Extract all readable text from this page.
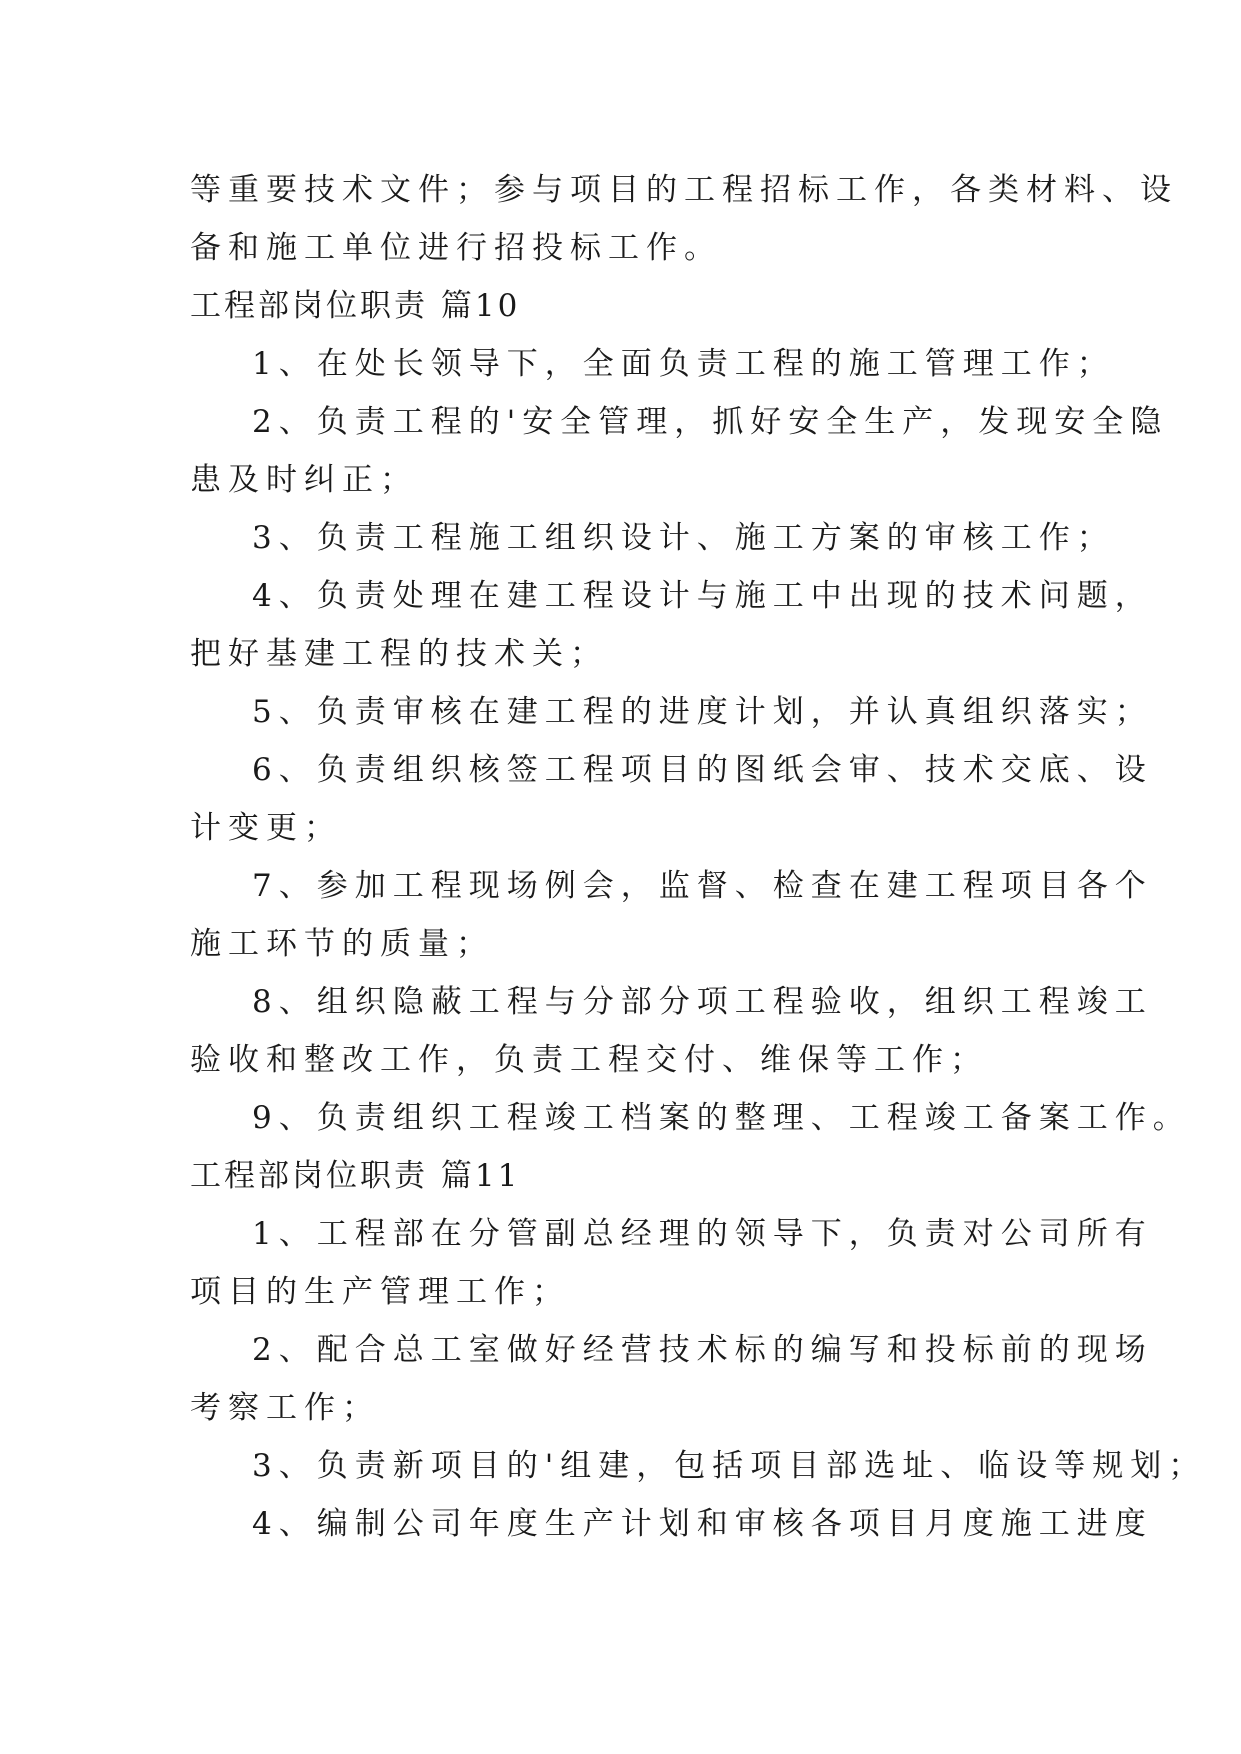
等重要技术文件；参与项目的工程招标工作，各类材料、设
备和施工单位进行招投标工作。
工程部岗位职责 篇10
1、在处长领导下，全面负责工程的施工管理工作；
2、负责工程的'安全管理，抓好安全生产，发现安全隐
患及时纠正；
3、负责工程施工组织设计、施工方案的审核工作；
4、负责处理在建工程设计与施工中出现的技术问题，
把好基建工程的技术关；
5、负责审核在建工程的进度计划，并认真组织落实；
6、负责组织核签工程项目的图纸会审、技术交底、设
计变更；
7、参加工程现场例会，监督、检查在建工程项目各个
施工环节的质量；
8、组织隐蔽工程与分部分项工程验收，组织工程竣工
验收和整改工作，负责工程交付、维保等工作；
9、负责组织工程竣工档案的整理、工程竣工备案工作。
工程部岗位职责 篇11
1、工程部在分管副总经理的领导下，负责对公司所有
项目的生产管理工作；
2、配合总工室做好经营技术标的编写和投标前的现场
考察工作；
3、负责新项目的'组建，包括项目部选址、临设等规划；
4、编制公司年度生产计划和审核各项目月度施工进度
